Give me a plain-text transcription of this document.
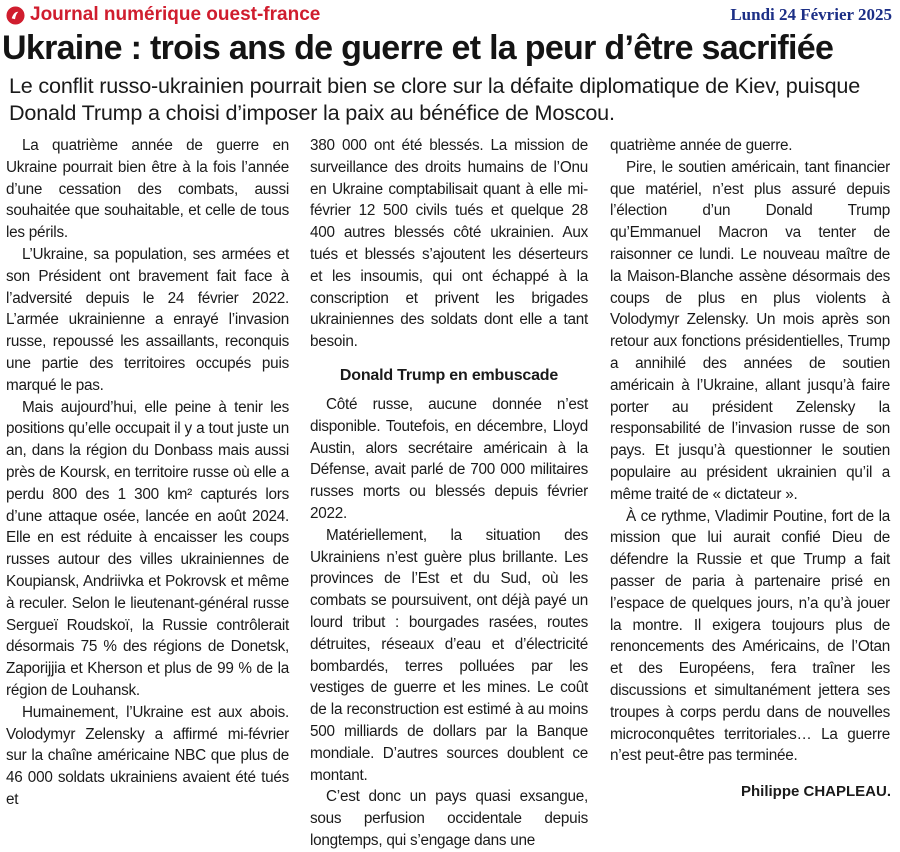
Journal numérique ouest-france	Lundi 24 Février 2025
Ukraine : trois ans de guerre et la peur d’être sacrifiée
Le conflit russo-ukrainien pourrait bien se clore sur la défaite diplomatique de Kiev, puisque Donald Trump a choisi d’imposer la paix au bénéfice de Moscou.

La quatrième année de guerre en Ukraine pourrait bien être à la fois l’année d’une cessation des combats, aussi souhaitée que souhaitable, et celle de tous les périls.

L’Ukraine, sa population, ses armées et son Président ont bravement fait face à l’adversité depuis le 24 février 2022. L’armée ukrainienne a enrayé l’invasion russe, repoussé les assaillants, reconquis une partie des territoires occupés puis marqué le pas.

Mais aujourd’hui, elle peine à tenir les positions qu’elle occupait il y a tout juste un an, dans la région du Donbass mais aussi près de Koursk, en territoire russe où elle a perdu 800 des 1 300 km² capturés lors d’une attaque osée, lancée en août 2024. Elle en est réduite à encaisser les coups russes autour des villes ukrainiennes de Koupiansk, Andriivka et Pokrovsk et même à reculer. Selon le lieutenant-général russe Sergueï Roudskoï, la Russie contrôlerait désormais 75 % des régions de Donetsk, Zaporijjia et Kherson et plus de 99 % de la région de Louhansk.

Humainement, l’Ukraine est aux abois. Volodymyr Zelensky a affirmé mi-février sur la chaîne américaine NBC que plus de 46 000 soldats ukrainiens avaient été tués et

380 000 ont été blessés. La mission de surveillance des droits humains de l’Onu en Ukraine comptabilisait quant à elle mi-février 12 500 civils tués et quelque 28 400 autres blessés côté ukrainien. Aux tués et blessés s’ajoutent les déserteurs et les insoumis, qui ont échappé à la conscription et privent les brigades ukrainiennes des soldats dont elle a tant besoin.

Donald Trump en embuscade

Côté russe, aucune donnée n’est disponible. Toutefois, en décembre, Lloyd Austin, alors secrétaire américain à la Défense, avait parlé de 700 000 militaires russes morts ou blessés depuis février 2022.

Matériellement, la situation des Ukrainiens n’est guère plus brillante. Les provinces de l’Est et du Sud, où les combats se poursuivent, ont déjà payé un lourd tribut : bourgades rasées, routes détruites, réseaux d’eau et d’électricité bombardés, terres polluées par les vestiges de guerre et les mines. Le coût de la reconstruction est estimé à au moins 500 milliards de dollars par la Banque mondiale. D’autres sources doublent ce montant.

C’est donc un pays quasi exsangue, sous perfusion occidentale depuis longtemps, qui s’engage dans une

quatrième année de guerre.

Pire, le soutien américain, tant financier que matériel, n’est plus assuré depuis l’élection d’un Donald Trump qu’Emmanuel Macron va tenter de raisonner ce lundi. Le nouveau maître de la Maison-Blanche assène désormais des coups de plus en plus violents à Volodymyr Zelensky. Un mois après son retour aux fonctions présidentielles, Trump a annihilé des années de soutien américain à l’Ukraine, allant jusqu’à faire porter au président Zelensky la responsabilité de l’invasion russe de son pays. Et jusqu’à questionner le soutien populaire au président ukrainien qu’il a même traité de « dictateur ».

À ce rythme, Vladimir Poutine, fort de la mission que lui aurait confié Dieu de défendre la Russie et que Trump a fait passer de paria à partenaire prisé en l’espace de quelques jours, n’a qu’à jouer la montre. Il exigera toujours plus de renoncements des Américains, de l’Otan et des Européens, fera traîner les discussions et simultanément jettera ses troupes à corps perdu dans de nouvelles microconquêtes territoriales… La guerre n’est peut-être pas terminée.

Philippe CHAPLEAU.
